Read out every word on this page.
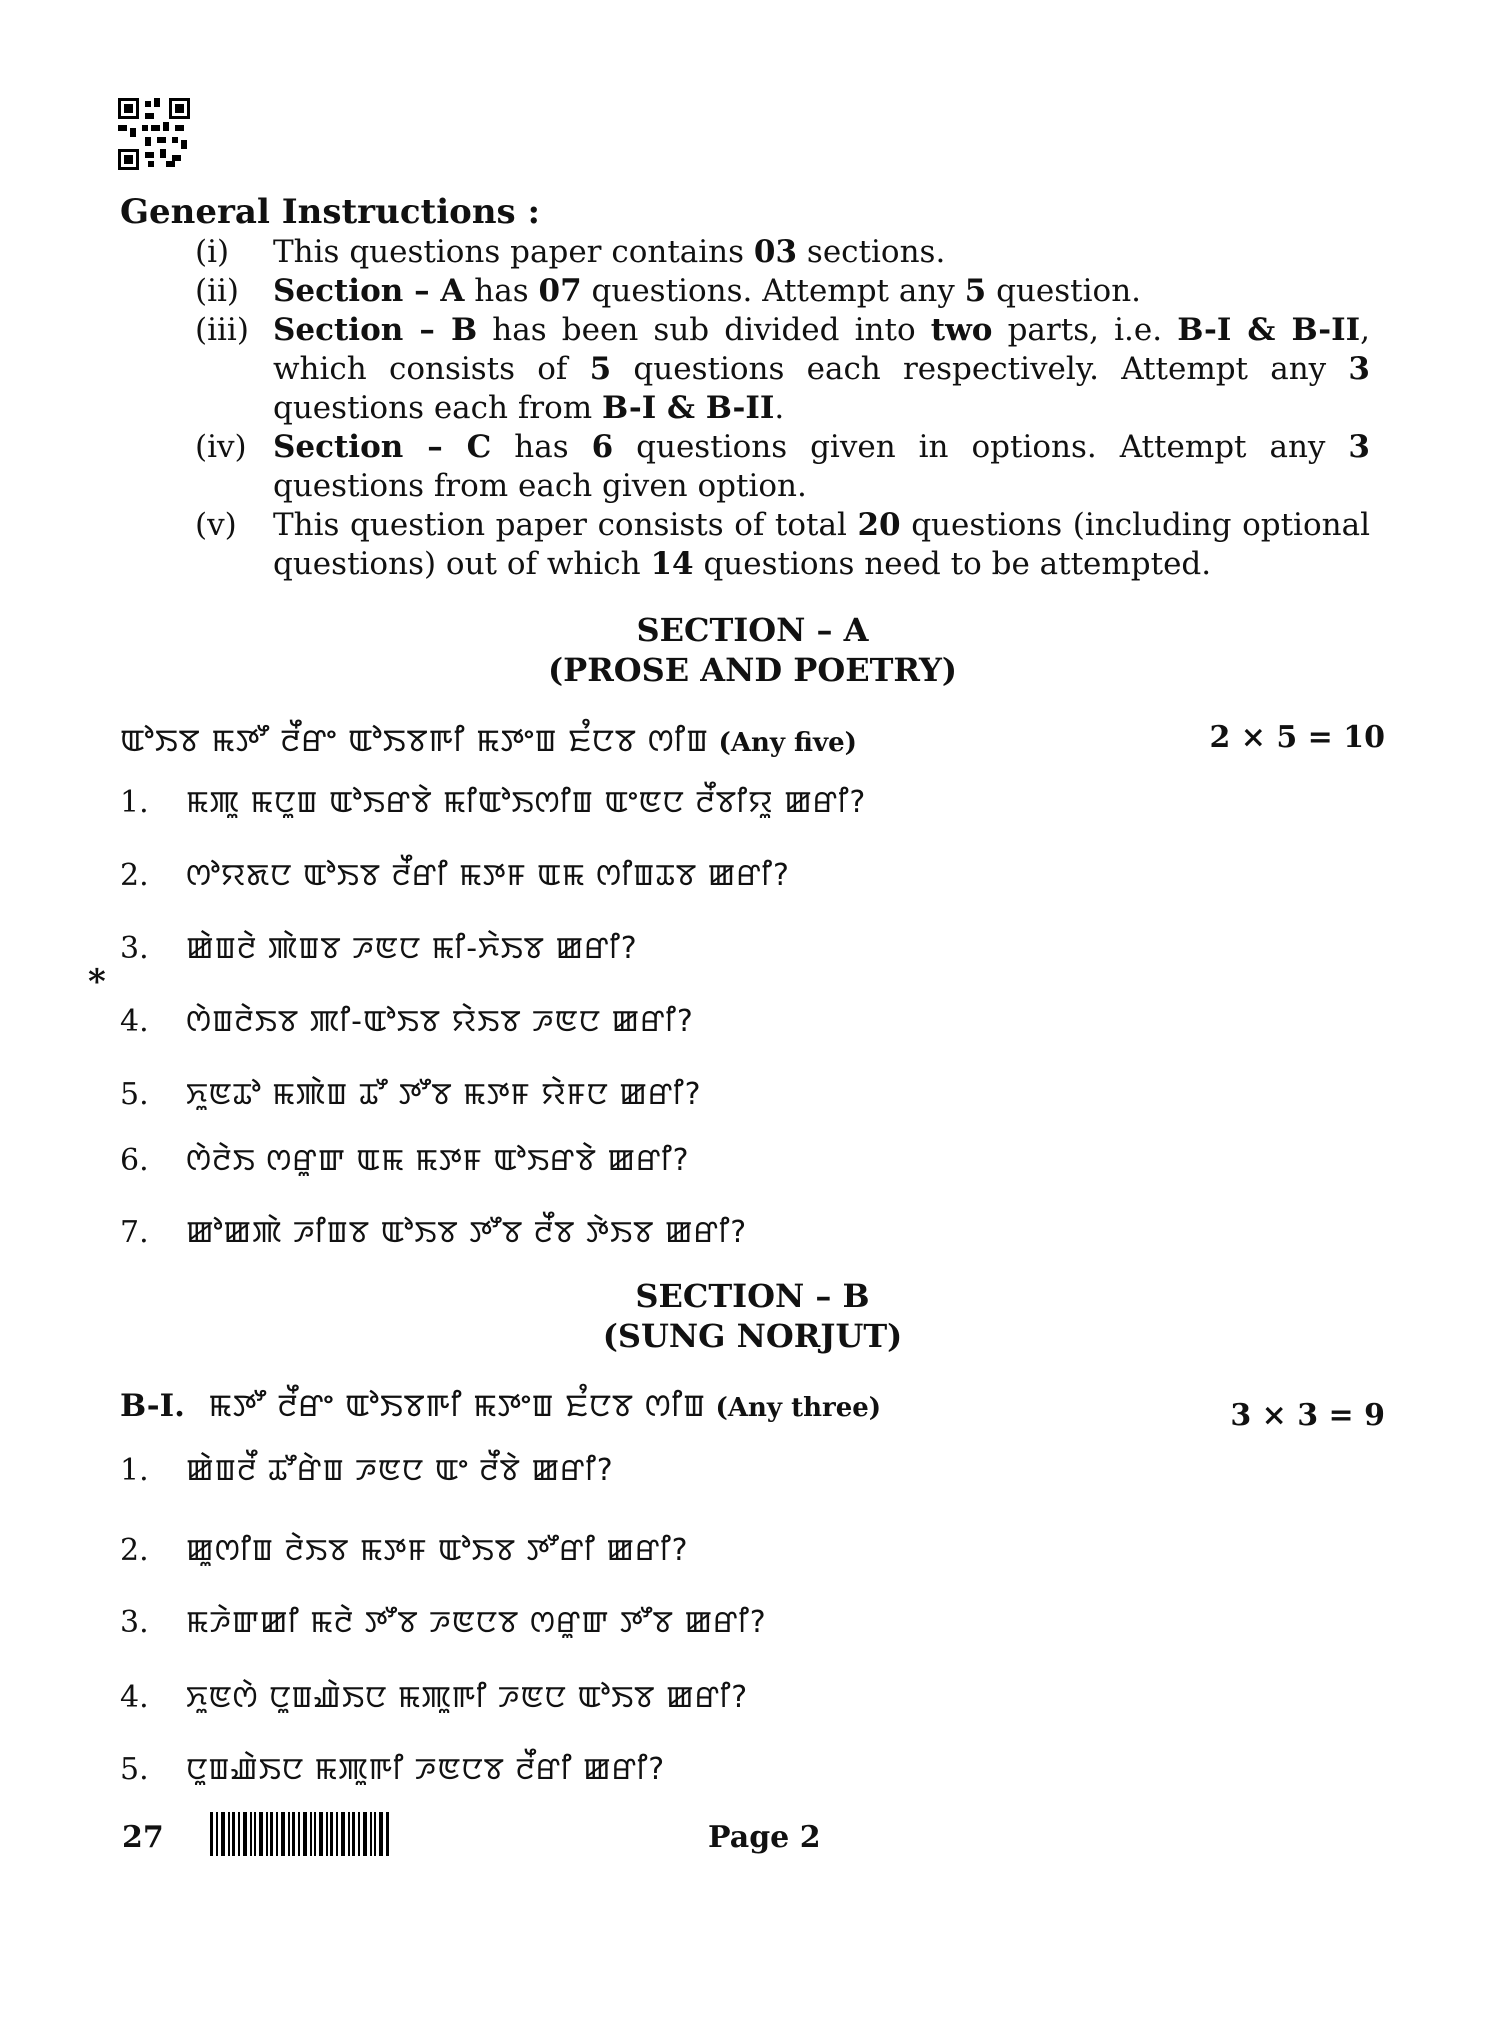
General Instructions :
(i) This questions paper contains 03 sections.
(ii) Section – A has 07 questions. Attempt any 5 question.
(iii) Section – B has been sub divided into two parts, i.e. B-I & B-II, which consists of 5 questions each respectively. Attempt any 3 questions each from B-I & B-II.
(iv) Section – C has 6 questions given in options. Attempt any 3 questions from each given option.
(v) This question paper consists of total 20 questions (including optional questions) out of which 14 questions need to be attempted.
SECTION – A
(PROSE AND POETRY)
ꯑꯣꯏꯕ ꯃꯇꯧ ꯂꯩꯔꯦ ꯑꯣꯏꯕꯒꯤ ꯃꯇꯦꯡ ꯐꯪꯅꯕ ꯁꯤꯡ (Any five)	2 × 5 = 10
1. ꯃꯄꯨ ꯃꯅꯨꯡ ꯑꯣꯏꯔꯕꯥ ꯃꯤꯑꯣꯏꯁꯤꯡ ꯑꯦꯟꯅ ꯂꯩꯕꯤꯌꯨ ꯀꯔꯤ?
2. ꯁꯣꯌꯗꯅ ꯑꯣꯏꯕ ꯂꯩꯔꯤ ꯃꯇꯝ ꯑꯃ ꯁꯤꯡꯊꯕ ꯀꯔꯤ?
3. ꯀꯥꯡꯂꯥ ꯄꯥꯡꯕ ꯍꯟꯅ ꯃꯤ-ꯈꯥꯏꯕ ꯀꯔꯤ?
*
4. ꯁꯥꯡꯂꯥꯏꯕ ꯄꯤ-ꯑꯣꯏꯕ ꯌꯥꯏꯕ ꯍꯟꯅ ꯀꯔꯤ?
5. ꯈꯨꯟꯊꯣ ꯃꯄꯥꯡ ꯊꯧ ꯇꯧꯕ ꯃꯇꯝ ꯌꯥꯝꯅ ꯀꯔꯤ?
6. ꯁꯥꯂꯥꯏ ꯁꯔꯨꯛ ꯑꯃ ꯃꯇꯝ ꯑꯣꯏꯔꯕꯥ ꯀꯔꯤ?
7. ꯀꯣꯀꯄꯥ ꯍꯤꯡꯕ ꯑꯣꯏꯕ ꯇꯧꯕ ꯂꯩꯕ ꯇꯥꯏꯕ ꯀꯔꯤ?
SECTION – B
(SUNG NORJUT)
B-I. ꯃꯇꯧ ꯂꯩꯔꯦ ꯑꯣꯏꯕꯒꯤ ꯃꯇꯦꯡ ꯐꯪꯅꯕ ꯁꯤꯡ (Any three)	3 × 3 = 9
1. ꯀꯥꯡꯂꯩ ꯊꯧꯔꯥꯡ ꯍꯟꯅ ꯑꯦ ꯂꯩꯕꯥ ꯀꯔꯤ?
2. ꯀꯨꯁꯤꯡ ꯂꯥꯏꯕ ꯃꯇꯝ ꯑꯣꯏꯕ ꯇꯧꯔꯤ ꯀꯔꯤ?
3. ꯃꯍꯥꯛꯀꯤ ꯃꯂꯥ ꯇꯧꯕ ꯍꯟꯅꯕ ꯁꯔꯨꯛ ꯇꯧꯕ ꯀꯔꯤ?
4. ꯈꯨꯟꯁꯥ ꯅꯨꯡꯉꯥꯏꯅ ꯃꯄꯨꯒꯤ ꯍꯟꯅ ꯑꯣꯏꯕ ꯀꯔꯤ?
5. ꯅꯨꯡꯉꯥꯏꯅ ꯃꯄꯨꯒꯤ ꯍꯟꯅꯕ ꯂꯩꯔꯤ ꯀꯔꯤ?
27	Page 2
